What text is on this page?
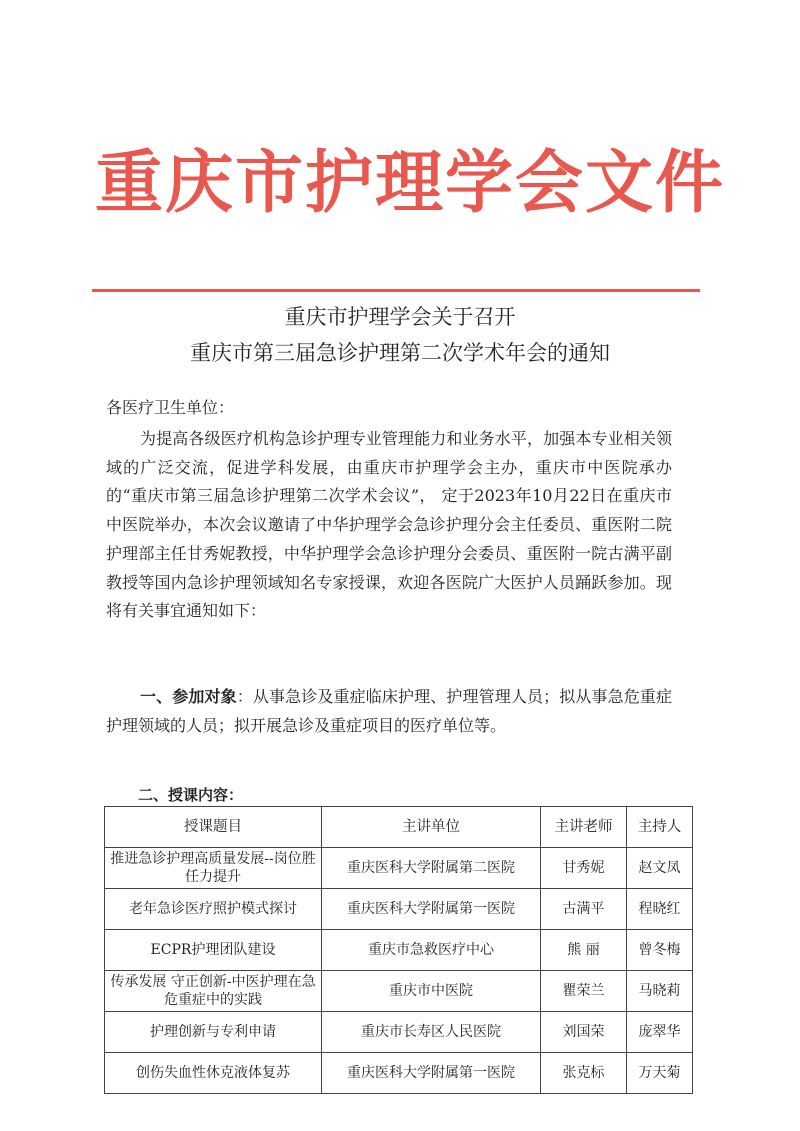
重庆市护理学会文件
重庆市护理学会关于召开
重庆市第三届急诊护理第二次学术年会的通知
各医疗卫生单位：

为提高各级医疗机构急诊护理专业管理能力和业务水平，加强本专业相关领域的广泛交流，促进学科发展，由重庆市护理学会主办，重庆市中医院承办的“重庆市第三届急诊护理第二次学术会议”， 定于2023年10月22日在重庆市中医院举办，本次会议邀请了中华护理学会急诊护理分会主任委员、重医附二院护理部主任甘秀妮教授，中华护理学会急诊护理分会委员、重医附一院古满平副教授等国内急诊护理领域知名专家授课，欢迎各医院广大医护人员踊跃参加。现将有关事宜通知如下：

一、参加对象：从事急诊及重症临床护理、护理管理人员；拟从事急危重症护理领域的人员；拟开展急诊及重症项目的医疗单位等。

二、授课内容：
授课题目	主讲单位	主讲老师	主持人
推进急诊护理高质量发展--岗位胜任力提升	重庆医科大学附属第二医院	甘秀妮	赵文凤
老年急诊医疗照护模式探讨	重庆医科大学附属第一医院	古满平	程晓红
ECPR护理团队建设	重庆市急救医疗中心	熊 丽	曾冬梅
传承发展 守正创新-中医护理在急危重症中的实践	重庆市中医院	瞿荣兰	马晓莉
护理创新与专利申请	重庆市长寿区人民医院	刘国荣	庞翠华
创伤失血性休克液体复苏	重庆医科大学附属第一医院	张克标	万天菊
